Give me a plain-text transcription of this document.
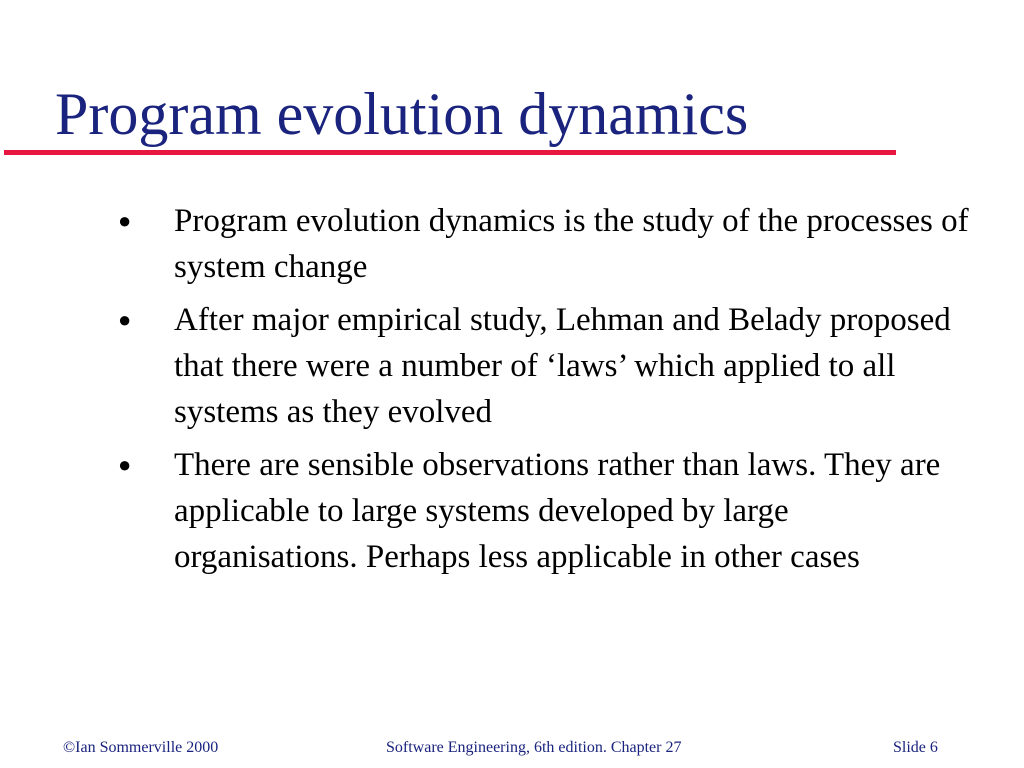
Program evolution dynamics
● Program evolution dynamics is the study of the processes of system change
● After major empirical study, Lehman and Belady proposed that there were a number of ‘laws’ which applied to all systems as they evolved
● There are sensible observations rather than laws. They are applicable to large systems developed by large organisations. Perhaps less applicable in other cases
©Ian Sommerville 2000	Software Engineering, 6th edition. Chapter 27	Slide 6
